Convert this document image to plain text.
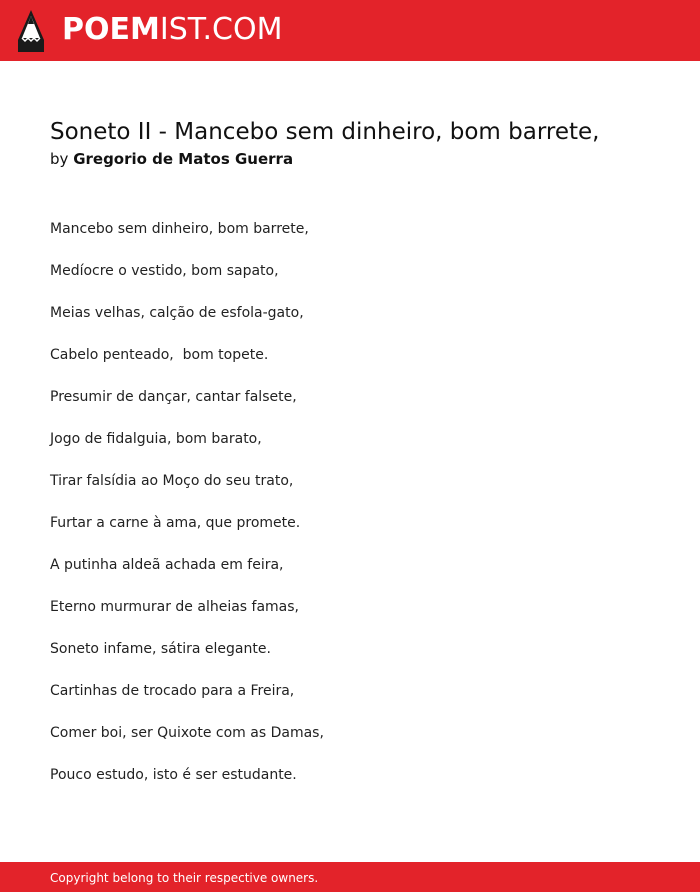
POEMIST.COM
Soneto II - Mancebo sem dinheiro, bom barrete,
by Gregorio de Matos Guerra
Mancebo sem dinheiro, bom barrete,
Medíocre o vestido, bom sapato,
Meias velhas, calção de esfola-gato,
Cabelo penteado,  bom topete.
Presumir de dançar, cantar falsete,
Jogo de fidalguia, bom barato,
Tirar falsídia ao Moço do seu trato,
Furtar a carne à ama, que promete.
A putinha aldeã achada em feira,
Eterno murmurar de alheias famas,
Soneto infame, sátira elegante.
Cartinhas de trocado para a Freira,
Comer boi, ser Quixote com as Damas,
Pouco estudo, isto é ser estudante.
Copyright belong to their respective owners.
